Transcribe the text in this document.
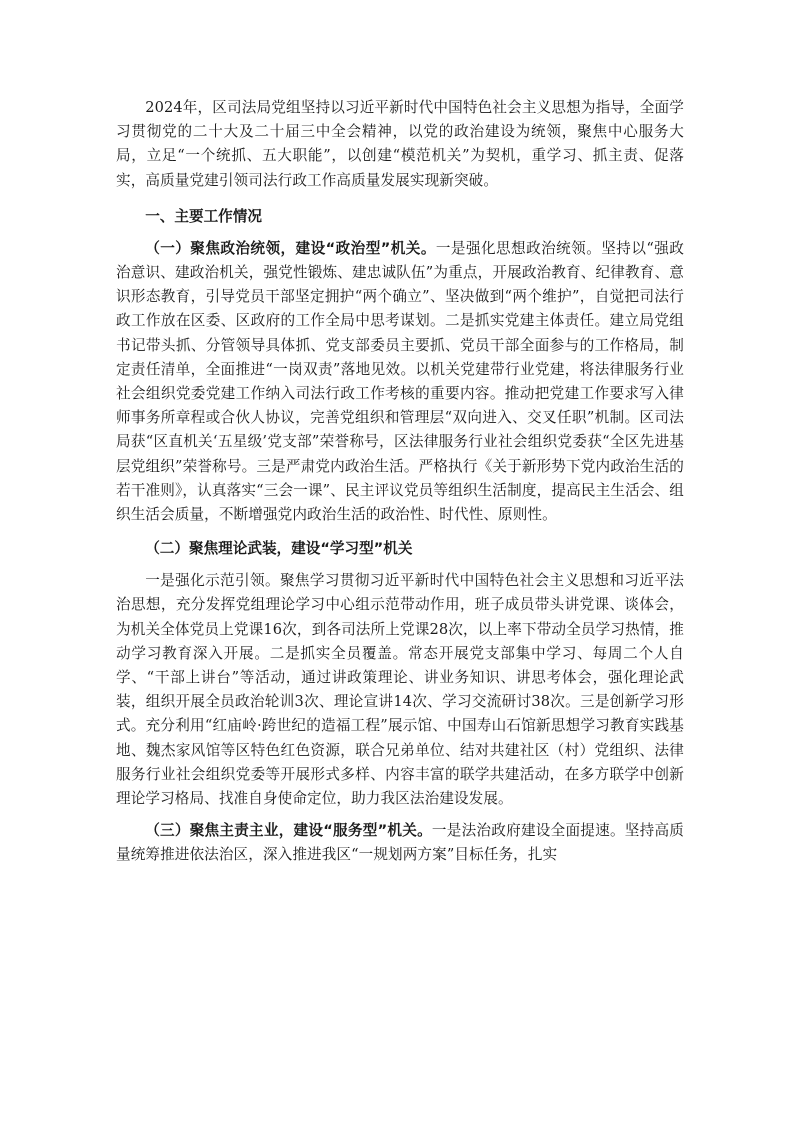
2024年，区司法局党组坚持以习近平新时代中国特色社会主义思想为指导，全面学习贯彻党的二十大及二十届三中全会精神，以党的政治建设为统领，聚焦中心服务大局，立足“一个统抓、五大职能”，以创建“模范机关”为契机，重学习、抓主责、促落实，高质量党建引领司法行政工作高质量发展实现新突破。

一、主要工作情况

（一）聚焦政治统领，建设“政治型”机关。一是强化思想政治统领。坚持以“强政治意识、建政治机关，强党性锻炼、建忠诚队伍”为重点，开展政治教育、纪律教育、意识形态教育，引导党员干部坚定拥护“两个确立”、坚决做到“两个维护”，自觉把司法行政工作放在区委、区政府的工作全局中思考谋划。二是抓实党建主体责任。建立局党组书记带头抓、分管领导具体抓、党支部委员主要抓、党员干部全面参与的工作格局，制定责任清单，全面推进“一岗双责”落地见效。以机关党建带行业党建，将法律服务行业社会组织党委党建工作纳入司法行政工作考核的重要内容。推动把党建工作要求写入律师事务所章程或合伙人协议，完善党组织和管理层“双向进入、交叉任职”机制。区司法局获“区直机关‘五星级’党支部”荣誉称号，区法律服务行业社会组织党委获“全区先进基层党组织”荣誉称号。三是严肃党内政治生活。严格执行《关于新形势下党内政治生活的若干准则》，认真落实“三会一课”、民主评议党员等组织生活制度，提高民主生活会、组织生活会质量，不断增强党内政治生活的政治性、时代性、原则性。

（二）聚焦理论武装，建设“学习型”机关

一是强化示范引领。聚焦学习贯彻习近平新时代中国特色社会主义思想和习近平法治思想，充分发挥党组理论学习中心组示范带动作用，班子成员带头讲党课、谈体会，为机关全体党员上党课16次，到各司法所上党课28次，以上率下带动全员学习热情，推动学习教育深入开展。二是抓实全员覆盖。常态开展党支部集中学习、每周二个人自学、“干部上讲台”等活动，通过讲政策理论、讲业务知识、讲思考体会，强化理论武装，组织开展全员政治轮训3次、理论宣讲14次、学习交流研讨38次。三是创新学习形式。充分利用“红庙岭·跨世纪的造福工程”展示馆、中国寿山石馆新思想学习教育实践基地、魏杰家风馆等区特色红色资源，联合兄弟单位、结对共建社区（村）党组织、法律服务行业社会组织党委等开展形式多样、内容丰富的联学共建活动，在多方联学中创新理论学习格局、找准自身使命定位，助力我区法治建设发展。

（三）聚焦主责主业，建设“服务型”机关。一是法治政府建设全面提速。坚持高质量统筹推进依法治区，深入推进我区“一规划两方案”目标任务，扎实
